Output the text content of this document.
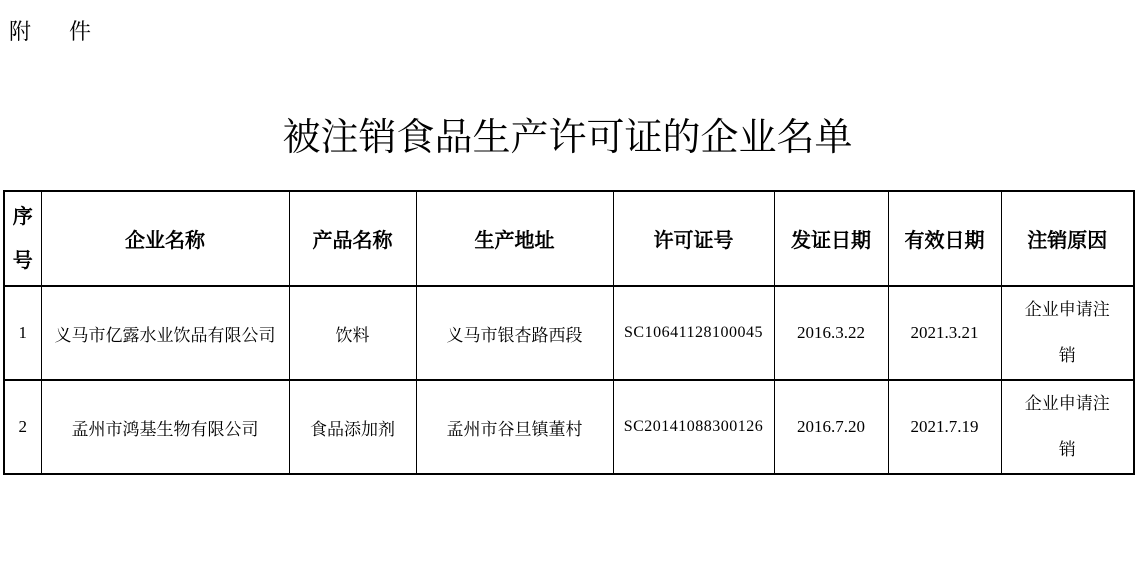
附　件
被注销食品生产许可证的企业名单
序号	企业名称	产品名称	生产地址	许可证号	发证日期	有效日期	注销原因
1	义马市亿露水业饮品有限公司	饮料	义马市银杏路西段	SC10641128100045	2016.3.22	2021.3.21	企业申请注销
2	孟州市鸿基生物有限公司	食品添加剂	孟州市谷旦镇董村	SC20141088300126	2016.7.20	2021.7.19	企业申请注销
